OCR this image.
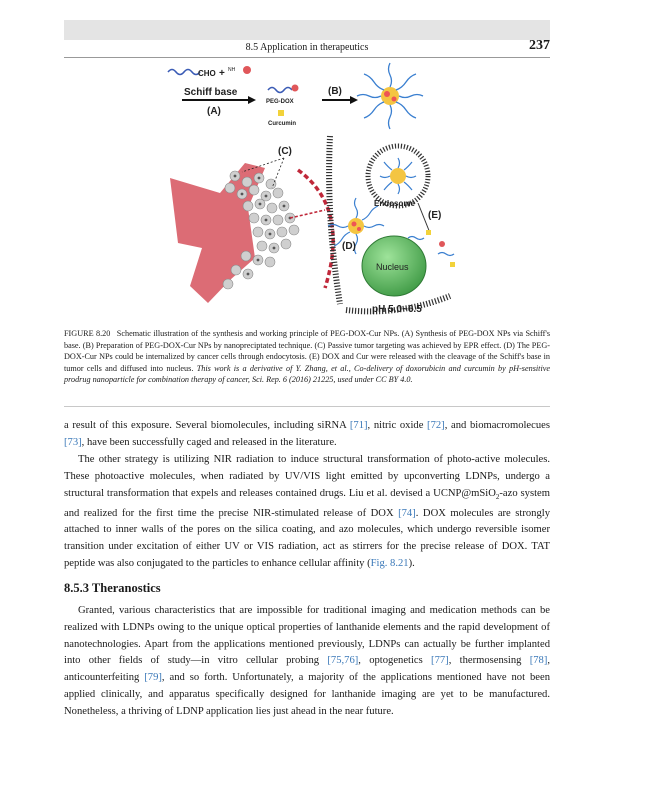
8.5 Application in therapeutics	237
CHO + NH
Schiff base
(A)
PEG-DOX
Curcumin
(B)
(C)
(D)
Endosome
(E)
Nucleus
pH 5.0~6.5
FIGURE 8.20 Schematic illustration of the synthesis and working principle of PEG-DOX-Cur NPs. (A) Synthesis of PEG-DOX NPs via Schiff's base. (B) Preparation of PEG-DOX-Cur NPs by nanopreciptated technique. (C) Passive tumor targeting was achieved by EPR effect. (D) The PEG-DOX-Cur NPs could be internalized by cancer cells through endocytosis. (E) DOX and Cur were released with the cleavage of the Schiff's base in tumor cells and diffused into nucleus. This work is a derivative of Y. Zhang, et al., Co-delivery of doxorubicin and curcumin by pH-sensitive prodrug nanoparticle for combination therapy of cancer, Sci. Rep. 6 (2016) 21225, used under CC BY 4.0.
a result of this exposure. Several biomolecules, including siRNA [71], nitric oxide [72], and biomacromolecues [73], have been successfully caged and released in the literature.
The other strategy is utilizing NIR radiation to induce structural transformation of photo-active molecules. These photoactive molecules, when radiated by UV/VIS light emitted by upconverting LDNPs, undergo a structural transformation that expels and releases contained drugs. Liu et al. devised a UCNP@mSiO$_2$-azo system and realized for the first time the precise NIR-stimulated release of DOX [74]. DOX molecules are strongly attached to inner walls of the pores on the silica coating, and azo molecules, which undergo reversible isomer transition under excitation of either UV or VIS radiation, act as stirrers for the precise release of DOX. TAT peptide was also conjugated to the particles to enhance cellular affinity (Fig. 8.21).
8.5.3 Theranostics
Granted, various characteristics that are impossible for traditional imaging and medication methods can be realized with LDNPs owing to the unique optical properties of lanthanide elements and the rapid development of nanotechnologies. Apart from the applications mentioned previously, LDNPs can actually be further implanted into other fields of study—in vitro cellular probing [75,76], optogenetics [77], thermosensing [78], anticounterfeiting [79], and so forth. Unfortunately, a majority of the applications mentioned have not been applied clinically, and apparatus specifically designed for lanthanide imaging are yet to be manufactured. Nonetheless, a thriving of LDNP application lies just ahead in the near future.
